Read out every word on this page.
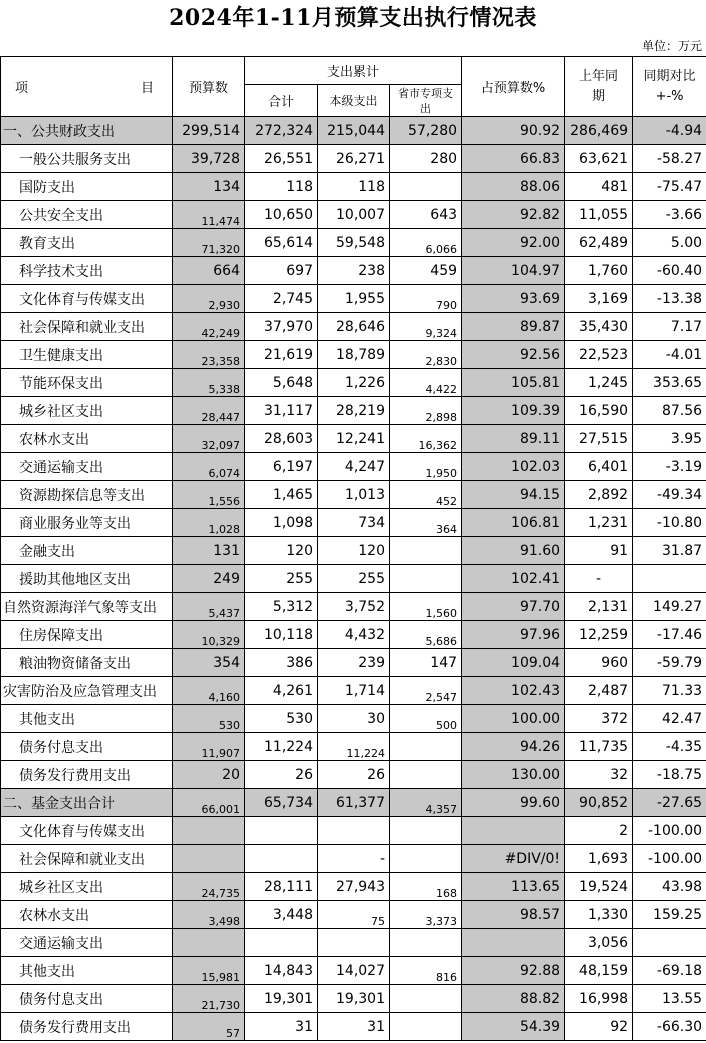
2024年1-11月预算支出执行情况表
单位：万元
项 目	预算数	支出累计			占预算数%	上年同期	同期对比+-%
		合计	本级支出	省市专项支出			
一、公共财政支出	299,514	272,324	215,044	57,280	90.92	286,469	-4.94
一般公共服务支出	39,728	26,551	26,271	280	66.83	63,621	-58.27
国防支出	134	118	118		88.06	481	-75.47
公共安全支出	11,474	10,650	10,007	643	92.82	11,055	-3.66
教育支出	71,320	65,614	59,548	6,066	92.00	62,489	5.00
科学技术支出	664	697	238	459	104.97	1,760	-60.40
文化体育与传媒支出	2,930	2,745	1,955	790	93.69	3,169	-13.38
社会保障和就业支出	42,249	37,970	28,646	9,324	89.87	35,430	7.17
卫生健康支出	23,358	21,619	18,789	2,830	92.56	22,523	-4.01
节能环保支出	5,338	5,648	1,226	4,422	105.81	1,245	353.65
城乡社区支出	28,447	31,117	28,219	2,898	109.39	16,590	87.56
农林水支出	32,097	28,603	12,241	16,362	89.11	27,515	3.95
交通运输支出	6,074	6,197	4,247	1,950	102.03	6,401	-3.19
资源勘探信息等支出	1,556	1,465	1,013	452	94.15	2,892	-49.34
商业服务业等支出	1,028	1,098	734	364	106.81	1,231	-10.80
金融支出	131	120	120		91.60	91	31.87
援助其他地区支出	249	255	255		102.41	-	
自然资源海洋气象等支出	5,437	5,312	3,752	1,560	97.70	2,131	149.27
住房保障支出	10,329	10,118	4,432	5,686	97.96	12,259	-17.46
粮油物资储备支出	354	386	239	147	109.04	960	-59.79
灾害防治及应急管理支出	4,160	4,261	1,714	2,547	102.43	2,487	71.33
其他支出	530	530	30	500	100.00	372	42.47
债务付息支出	11,907	11,224	11,224		94.26	11,735	-4.35
债务发行费用支出	20	26	26		130.00	32	-18.75
二、基金支出合计	66,001	65,734	61,377	4,357	99.60	90,852	-27.65
文化体育与传媒支出						2	-100.00
社会保障和就业支出			-		#DIV/0!	1,693	-100.00
城乡社区支出	24,735	28,111	27,943	168	113.65	19,524	43.98
农林水支出	3,498	3,448	75	3,373	98.57	1,330	159.25
交通运输支出						3,056	
其他支出	15,981	14,843	14,027	816	92.88	48,159	-69.18
债务付息支出	21,730	19,301	19,301		88.82	16,998	13.55
债务发行费用支出	57	31	31		54.39	92	-66.30
